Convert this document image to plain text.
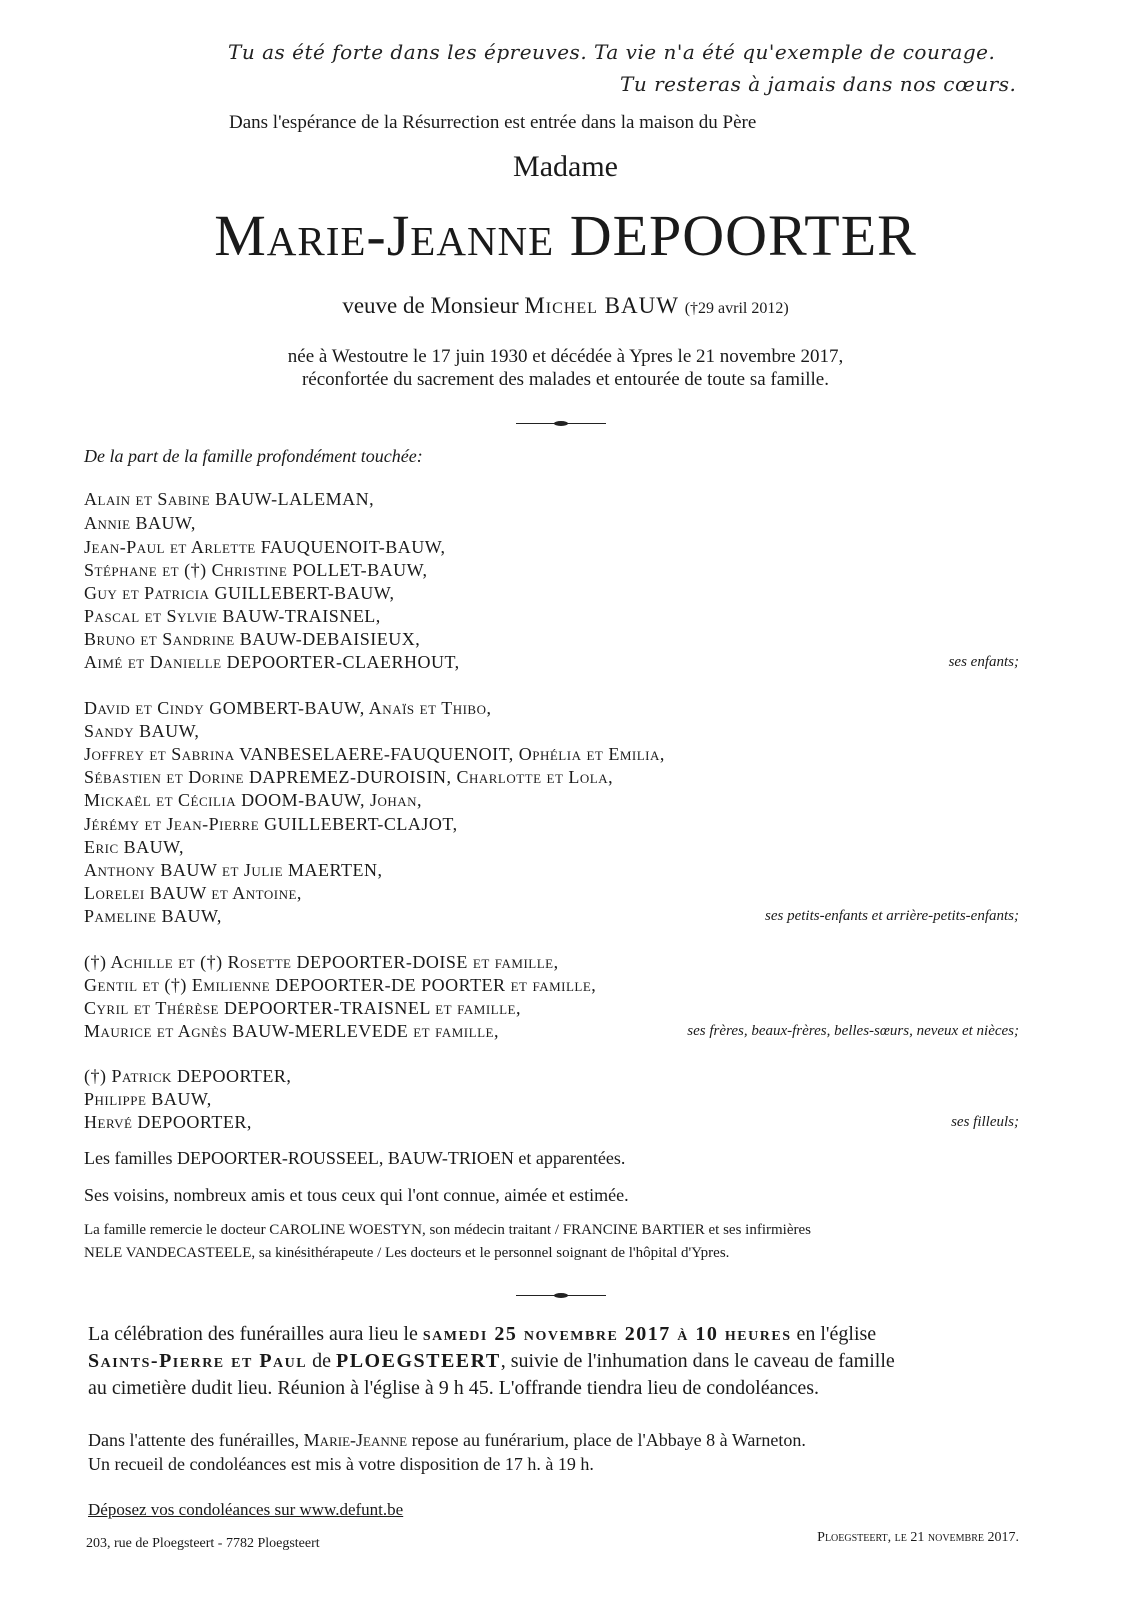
Tu as été forte dans les épreuves. Ta vie n'a été qu'exemple de courage.
Tu resteras à jamais dans nos cœurs.
Dans l'espérance de la Résurrection est entrée dans la maison du Père
Madame
Marie-Jeanne DEPOORTER
veuve de Monsieur Michel BAUW (†29 avril 2012)
née à Westoutre le 17 juin 1930 et décédée à Ypres le 21 novembre 2017,
réconfortée du sacrement des malades et entourée de toute sa famille.
De la part de la famille profondément touchée:
Alain et Sabine BAUW-LALEMAN,
Annie BAUW,
Jean-Paul et Arlette FAUQUENOIT-BAUW,
Stéphane et (†) Christine POLLET-BAUW,
Guy et Patricia GUILLEBERT-BAUW,
Pascal et Sylvie BAUW-TRAISNEL,
Bruno et Sandrine BAUW-DEBAISIEUX,
Aimé et Danielle DEPOORTER-CLAERHOUT,	ses enfants;
David et Cindy GOMBERT-BAUW, Anaïs et Thibo,
Sandy BAUW,
Joffrey et Sabrina VANBESELAERE-FAUQUENOIT, Ophélia et Emilia,
Sébastien et Dorine DAPREMEZ-DUROISIN, Charlotte et Lola,
Mickaël et Cécilia DOOM-BAUW, Johan,
Jérémy et Jean-Pierre GUILLEBERT-CLAJOT,
Eric BAUW,
Anthony BAUW et Julie MAERTEN,
Lorelei BAUW et Antoine,
Pameline BAUW,	ses petits-enfants et arrière-petits-enfants;
(†) Achille et (†) Rosette DEPOORTER-DOISE et famille,
Gentil et (†) Emilienne DEPOORTER-DE POORTER et famille,
Cyril et Thérèse DEPOORTER-TRAISNEL et famille,
Maurice et Agnès BAUW-MERLEVEDE et famille,	ses frères, beaux-frères, belles-sœurs, neveux et nièces;
(†) Patrick DEPOORTER,
Philippe BAUW,
Hervé DEPOORTER,	ses filleuls;
Les familles DEPOORTER-ROUSSEEL, BAUW-TRIOEN et apparentées.
Ses voisins, nombreux amis et tous ceux qui l'ont connue, aimée et estimée.
La famille remercie le docteur CAROLINE WOESTYN, son médecin traitant / FRANCINE BARTIER et ses infirmières
NELE VANDECASTEELE, sa kinésithérapeute / Les docteurs et le personnel soignant de l'hôpital d'Ypres.
La célébration des funérailles aura lieu le samedi 25 novembre 2017 à 10 heures en l'église
Saints-Pierre et Paul de PLOEGSTEERT, suivie de l'inhumation dans le caveau de famille
au cimetière dudit lieu. Réunion à l'église à 9 h 45. L'offrande tiendra lieu de condoléances.
Dans l'attente des funérailles, Marie-Jeanne repose au funérarium, place de l'Abbaye 8 à Warneton.
Un recueil de condoléances est mis à votre disposition de 17 h. à 19 h.
Déposez vos condoléances sur www.defunt.be
203, rue de Ploegsteert - 7782 Ploegsteert	Ploegsteert, le 21 novembre 2017.
